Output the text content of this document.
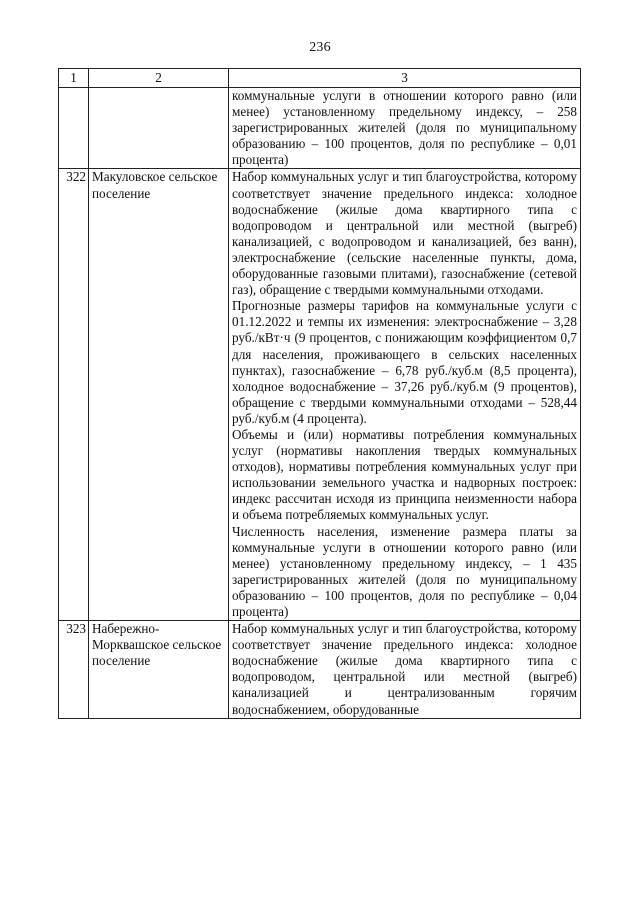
236
1	2	3

		коммунальные услуги в отношении которого равно (или менее) установленному предельному индексу, – 258 зарегистрированных жителей (доля по муниципальному образованию – 100 процентов, доля по республике – 0,01 процента)

322	Макуловское сельское поселение	Набор коммунальных услуг и тип благоустройства, которому соответствует значение предельного индекса: холодное водоснабжение (жилые дома квартирного типа с водопроводом и центральной или местной (выгреб) канализацией, с водопроводом и канализацией, без ванн), электроснабжение (сельские населенные пункты, дома, оборудованные газовыми плитами), газоснабжение (сетевой газ), обращение с твердыми коммунальными отходами.

Прогнозные размеры тарифов на коммунальные услуги с 01.12.2022 и темпы их изменения: электроснабжение – 3,28 руб./кВт·ч (9 процентов, с понижающим коэффициентом 0,7 для населения, проживающего в сельских населенных пунктах), газоснабжение – 6,78 руб./куб.м (8,5 процента), холодное водоснабжение – 37,26 руб./куб.м (9 процентов), обращение с твердыми коммунальными отходами – 528,44 руб./куб.м (4 процента).

Объемы и (или) нормативы потребления коммунальных услуг (нормативы накопления твердых коммунальных отходов), нормативы потребления коммунальных услуг при использовании земельного участка и надворных построек: индекс рассчитан исходя из принципа неизменности набора и объема потребляемых коммунальных услуг.

Численность населения, изменение размера платы за коммунальные услуги в отношении которого равно (или менее) установленному предельному индексу, – 1 435 зарегистрированных жителей (доля по муниципальному образованию – 100 процентов, доля по республике – 0,04 процента)

323	Набережно-Морквашское сельское поселение	Набор коммунальных услуг и тип благоустройства, которому соответствует значение предельного индекса: холодное водоснабжение (жилые дома квартирного типа с водопроводом, центральной или местной (выгреб) канализацией и централизованным горячим водоснабжением, оборудованные
